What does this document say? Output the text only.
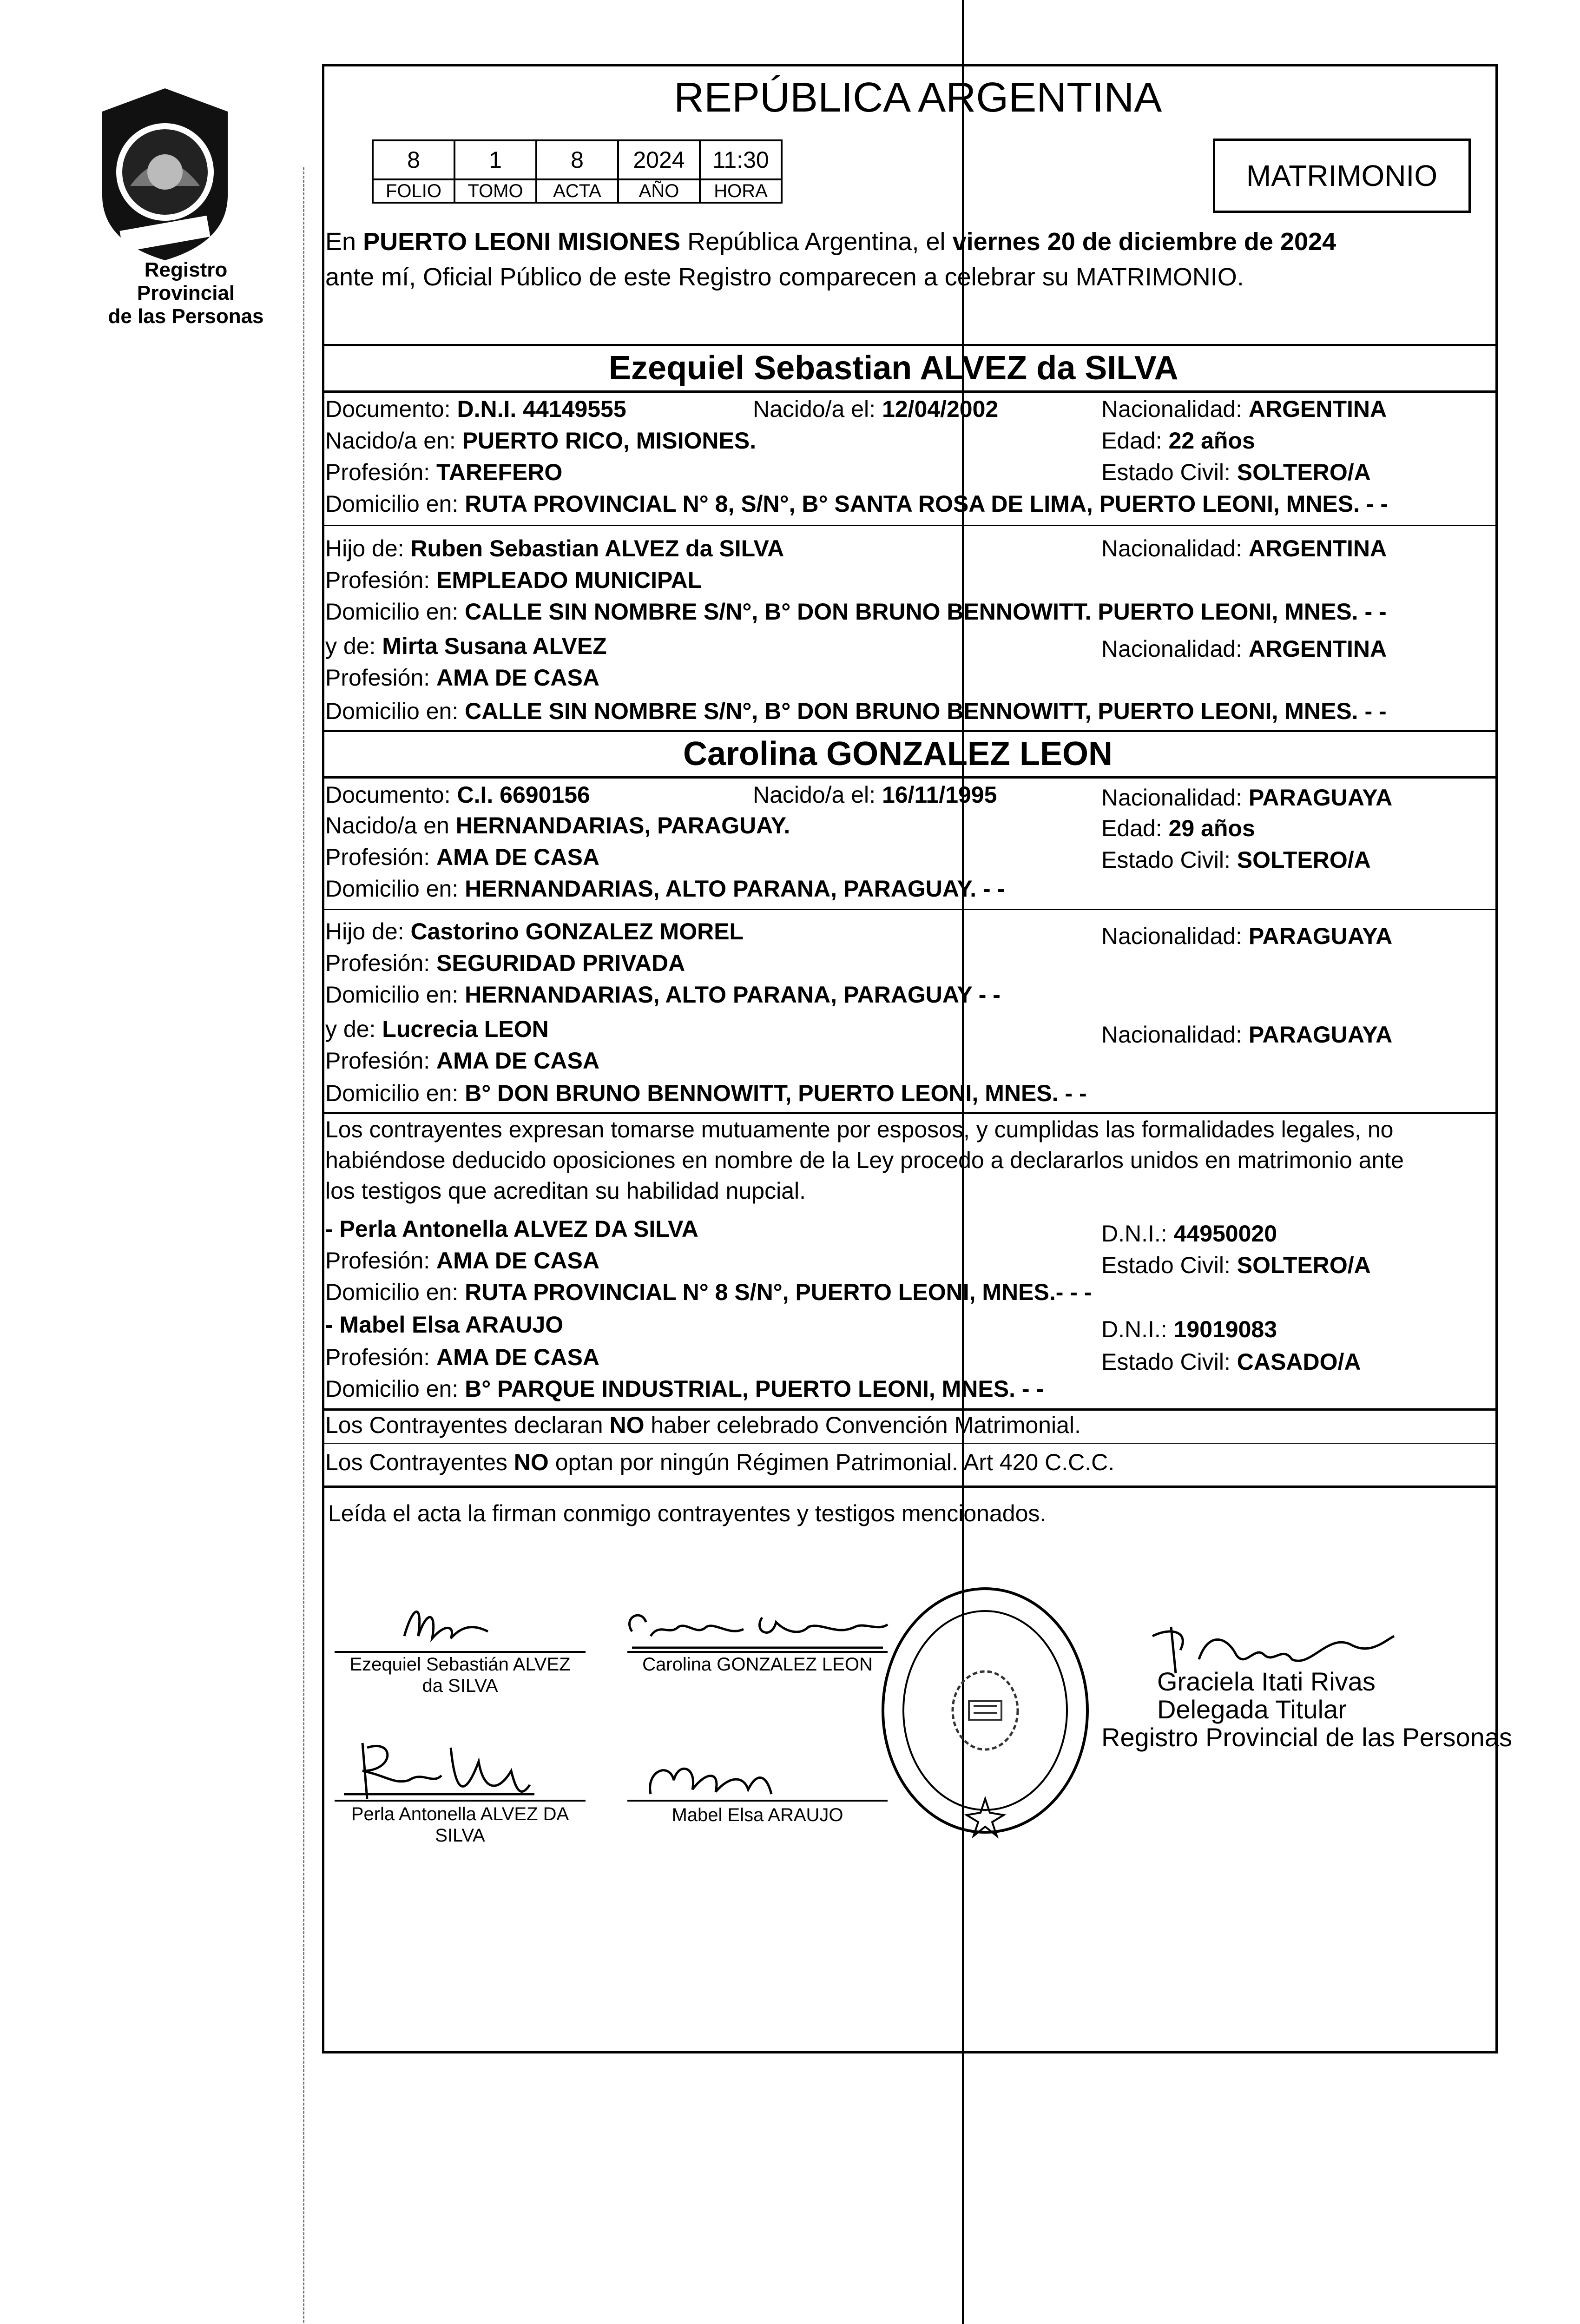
Registro Provincial
de las Personas
REPÚBLICA ARGENTINA
8	1	8	2024	11:30
FOLIO	TOMO	ACTA	AÑO	HORA	MATRIMONIO
En PUERTO LEONI MISIONES República Argentina, el viernes 20 de diciembre de 2024
ante mí, Oficial Público de este Registro comparecen a celebrar su MATRIMONIO.
Ezequiel Sebastian ALVEZ da SILVA
Documento: D.N.I. 44149555	Nacido/a el: 12/04/2002	Nacionalidad: ARGENTINA
Nacido/a en: PUERTO RICO, MISIONES.	Edad: 22 años
Profesión: TAREFERO	Estado Civil: SOLTERO/A
Domicilio en: RUTA PROVINCIAL N° 8, S/N°, B° SANTA ROSA DE LIMA, PUERTO LEONI, MNES. - -
Hijo de: Ruben Sebastian ALVEZ da SILVA	Nacionalidad: ARGENTINA
Profesión: EMPLEADO MUNICIPAL
Domicilio en: CALLE SIN NOMBRE S/N°, B° DON BRUNO BENNOWITT. PUERTO LEONI, MNES. - -
y de: Mirta Susana ALVEZ	Nacionalidad: ARGENTINA
Profesión: AMA DE CASA
Domicilio en: CALLE SIN NOMBRE S/N°, B° DON BRUNO BENNOWITT, PUERTO LEONI, MNES. - -
Carolina GONZALEZ LEON
Documento: C.I. 6690156	Nacido/a el: 16/11/1995	Nacionalidad: PARAGUAYA
Nacido/a en HERNANDARIAS, PARAGUAY.	Edad: 29 años
Profesión: AMA DE CASA	Estado Civil: SOLTERO/A
Domicilio en: HERNANDARIAS, ALTO PARANA, PARAGUAY. - -
Hijo de: Castorino GONZALEZ MOREL	Nacionalidad: PARAGUAYA
Profesión: SEGURIDAD PRIVADA
Domicilio en: HERNANDARIAS, ALTO PARANA, PARAGUAY - -
y de: Lucrecia LEON	Nacionalidad: PARAGUAYA
Profesión: AMA DE CASA
Domicilio en: B° DON BRUNO BENNOWITT, PUERTO LEONI, MNES. - -
Los contrayentes expresan tomarse mutuamente por esposos, y cumplidas las formalidades legales, no
habiéndose deducido oposiciones en nombre de la Ley procedo a declararlos unidos en matrimonio ante
los testigos que acreditan su habilidad nupcial.
- Perla Antonella ALVEZ DA SILVA	D.N.I.: 44950020
Profesión: AMA DE CASA	Estado Civil: SOLTERO/A
Domicilio en: RUTA PROVINCIAL N° 8 S/N°, PUERTO LEONI, MNES.- - -
- Mabel Elsa ARAUJO	D.N.I.: 19019083
Profesión: AMA DE CASA	Estado Civil: CASADO/A
Domicilio en: B° PARQUE INDUSTRIAL, PUERTO LEONI, MNES. - -
Los Contrayentes declaran NO haber celebrado Convención Matrimonial.
Los Contrayentes NO optan por ningún Régimen Patrimonial. Art 420 C.C.C.
Leída el acta la firman conmigo contrayentes y testigos mencionados.
Ezequiel Sebastián ALVEZ
da SILVA
Carolina GONZALEZ LEON
Perla Antonella ALVEZ DA
SILVA
Mabel Elsa ARAUJO
Graciela Itati Rivas
Delegada Titular
Registro Provincial de las Personas
